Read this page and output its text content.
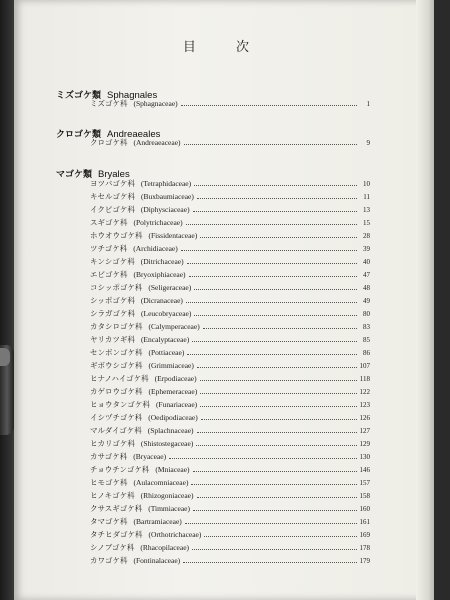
目 次
ミズゴケ類 Sphagnales
ミズゴケ科 (Sphagnaceae)	1
クロゴケ類 Andreaeales
クロゴケ科 (Andreaeaceae)	9
マゴケ類 Bryales
ヨツバゴケ科 (Tetraphidaceae)	10
キセルゴケ科 (Buxbaumiaceae)	11
イクビゴケ科 (Diphysciaceae)	13
スギゴケ科 (Polytrichaceae)	15
ホウオウゴケ科 (Fissidentaceae)	28
ツチゴケ科 (Archidiaceae)	39
キンシゴケ科 (Ditrichaceae)	40
エビゴケ科 (Bryoxiphiaceae)	47
コシッポゴケ科 (Seligeraceae)	48
シッポゴケ科 (Dicranaceae)	49
シラガゴケ科 (Leucobryaceae)	80
カタシロゴケ科 (Calymperaceae)	83
ヤリカツギ科 (Encalyptaceae)	85
センボンゴケ科 (Pottiaceae)	86
ギボウシゴケ科 (Grimmiaceae)	107
ヒナノハイゴケ科 (Erpodiaceae)	118
カゲロウゴケ科 (Ephemeraceae)	122
ヒョウタンゴケ科 (Funariaceae)	123
イシヅチゴケ科 (Oedipodiaceae)	126
マルダイゴケ科 (Splachnaceae)	127
ヒカリゴケ科 (Shistostegaceae)	129
カサゴケ科 (Bryaceae)	130
チョウチンゴケ科 (Mniaceae)	146
ヒモゴケ科 (Aulacomniaceae)	157
ヒノキゴケ科 (Rhizogoniaceae)	158
クサスギゴケ科 (Timmiaceae)	160
タマゴケ科 (Bartramiaceae)	161
タチヒダゴケ科 (Orthotrichaceae)	169
シノブゴケ科 (Rhacopilaceae)	178
カワゴケ科 (Fontinalaceae)	179
